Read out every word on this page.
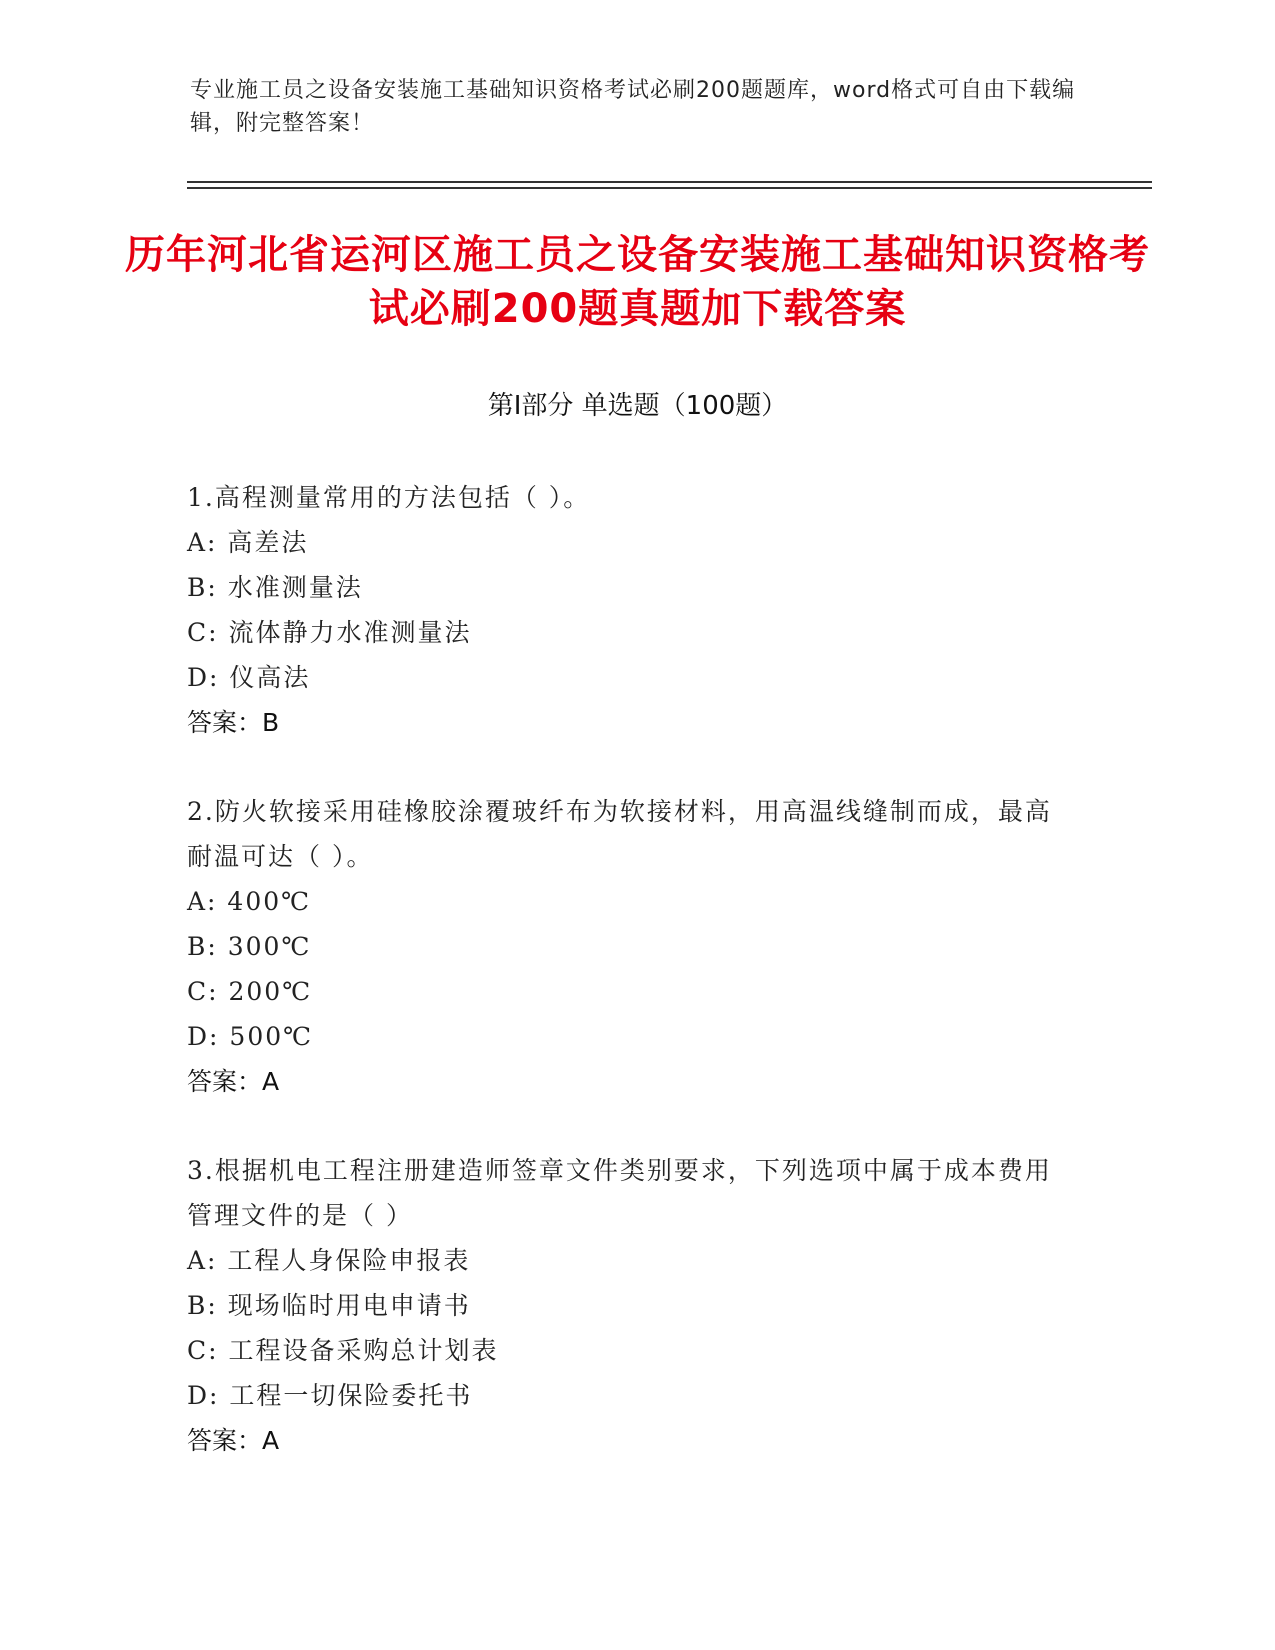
专业施工员之设备安装施工基础知识资格考试必刷200题题库，word格式可自由下载编辑，附完整答案！
历年河北省运河区施工员之设备安装施工基础知识资格考试必刷200题真题加下载答案
第Ⅰ部分 单选题（100题）
1.高程测量常用的方法包括（ ）。
A: 高差法
B: 水准测量法
C: 流体静力水准测量法
D: 仪高法
答案：B
2.防火软接采用硅橡胶涂覆玻纤布为软接材料，用高温线缝制而成，最高耐温可达（ ）。
A: 400℃
B: 300℃
C: 200℃
D: 500℃
答案：A
3.根据机电工程注册建造师签章文件类别要求，下列选项中属于成本费用管理文件的是（ ）
A: 工程人身保险申报表
B: 现场临时用电申请书
C: 工程设备采购总计划表
D: 工程一切保险委托书
答案：A
